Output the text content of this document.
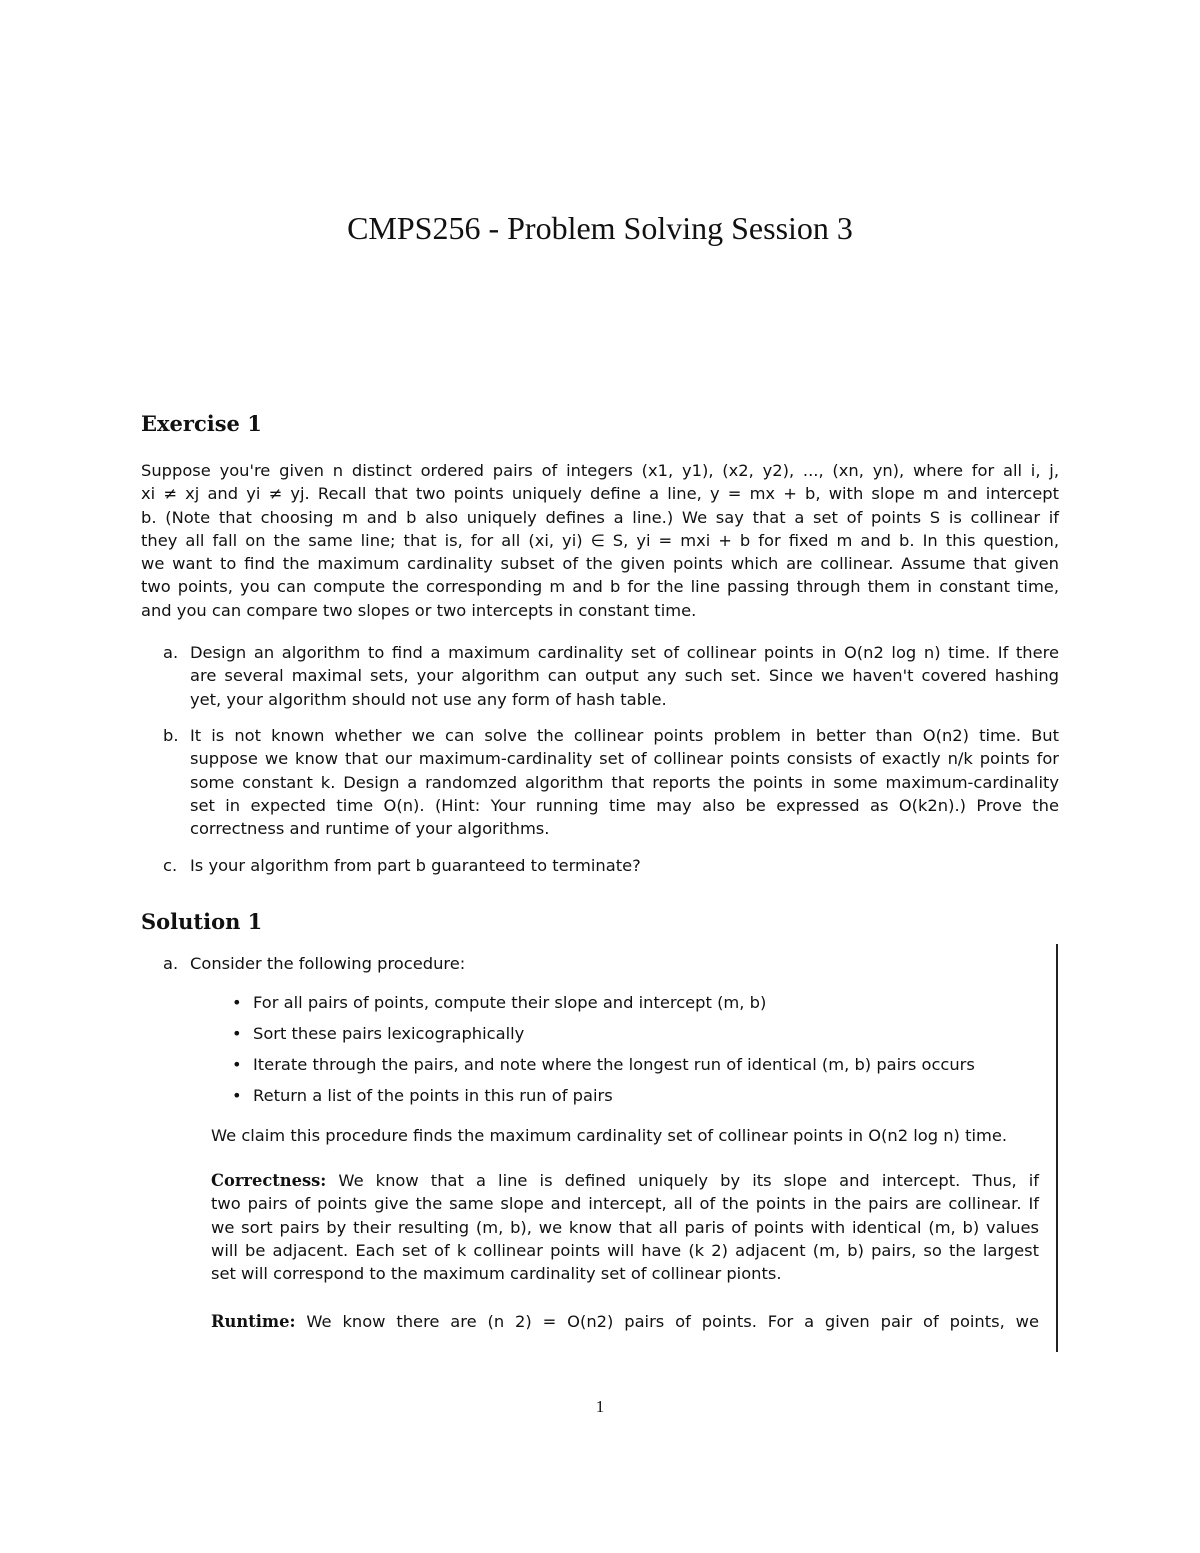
CMPS256 - Problem Solving Session 3
Exercise 1

Suppose you're given n distinct ordered pairs of integers (x1, y1), (x2, y2), ..., (xn, yn), where for all i, j,
xi ≠ xj and yi ≠ yj. Recall that two points uniquely define a line, y = mx + b, with slope m and intercept
b. (Note that choosing m and b also uniquely defines a line.) We say that a set of points S is collinear if
they all fall on the same line; that is, for all (xi, yi) ∈ S, yi = mxi + b for fixed m and b. In this question,
we want to find the maximum cardinality subset of the given points which are collinear. Assume that given
two points, you can compute the corresponding m and b for the line passing through them in constant time,
and you can compare two slopes or two intercepts in constant time.

a. Design an algorithm to find a maximum cardinality set of collinear points in O(n2 log n) time. If there
are several maximal sets, your algorithm can output any such set. Since we haven't covered hashing
yet, your algorithm should not use any form of hash table.
b. It is not known whether we can solve the collinear points problem in better than O(n2) time. But
suppose we know that our maximum-cardinality set of collinear points consists of exactly n/k points for
some constant k. Design a randomzed algorithm that reports the points in some maximum-cardinality
set in expected time O(n). (Hint: Your running time may also be expressed as O(k2n).) Prove the
correctness and runtime of your algorithms.
c. Is your algorithm from part b guaranteed to terminate?
Solution 1
a. Consider the following procedure:
• For all pairs of points, compute their slope and intercept (m, b)
• Sort these pairs lexicographically
• Iterate through the pairs, and note where the longest run of identical (m, b) pairs occurs
• Return a list of the points in this run of pairs
We claim this procedure finds the maximum cardinality set of collinear points in O(n2 log n) time.
Correctness: We know that a line is defined uniquely by its slope and intercept. Thus, if
two pairs of points give the same slope and intercept, all of the points in the pairs are collinear. If
we sort pairs by their resulting (m, b), we know that all paris of points with identical (m, b) values
will be adjacent. Each set of k collinear points will have (k 2) adjacent (m, b) pairs, so the largest
set will correspond to the maximum cardinality set of collinear pionts.
Runtime: We know there are (n 2) = O(n2) pairs of points. For a given pair of points, we
1
